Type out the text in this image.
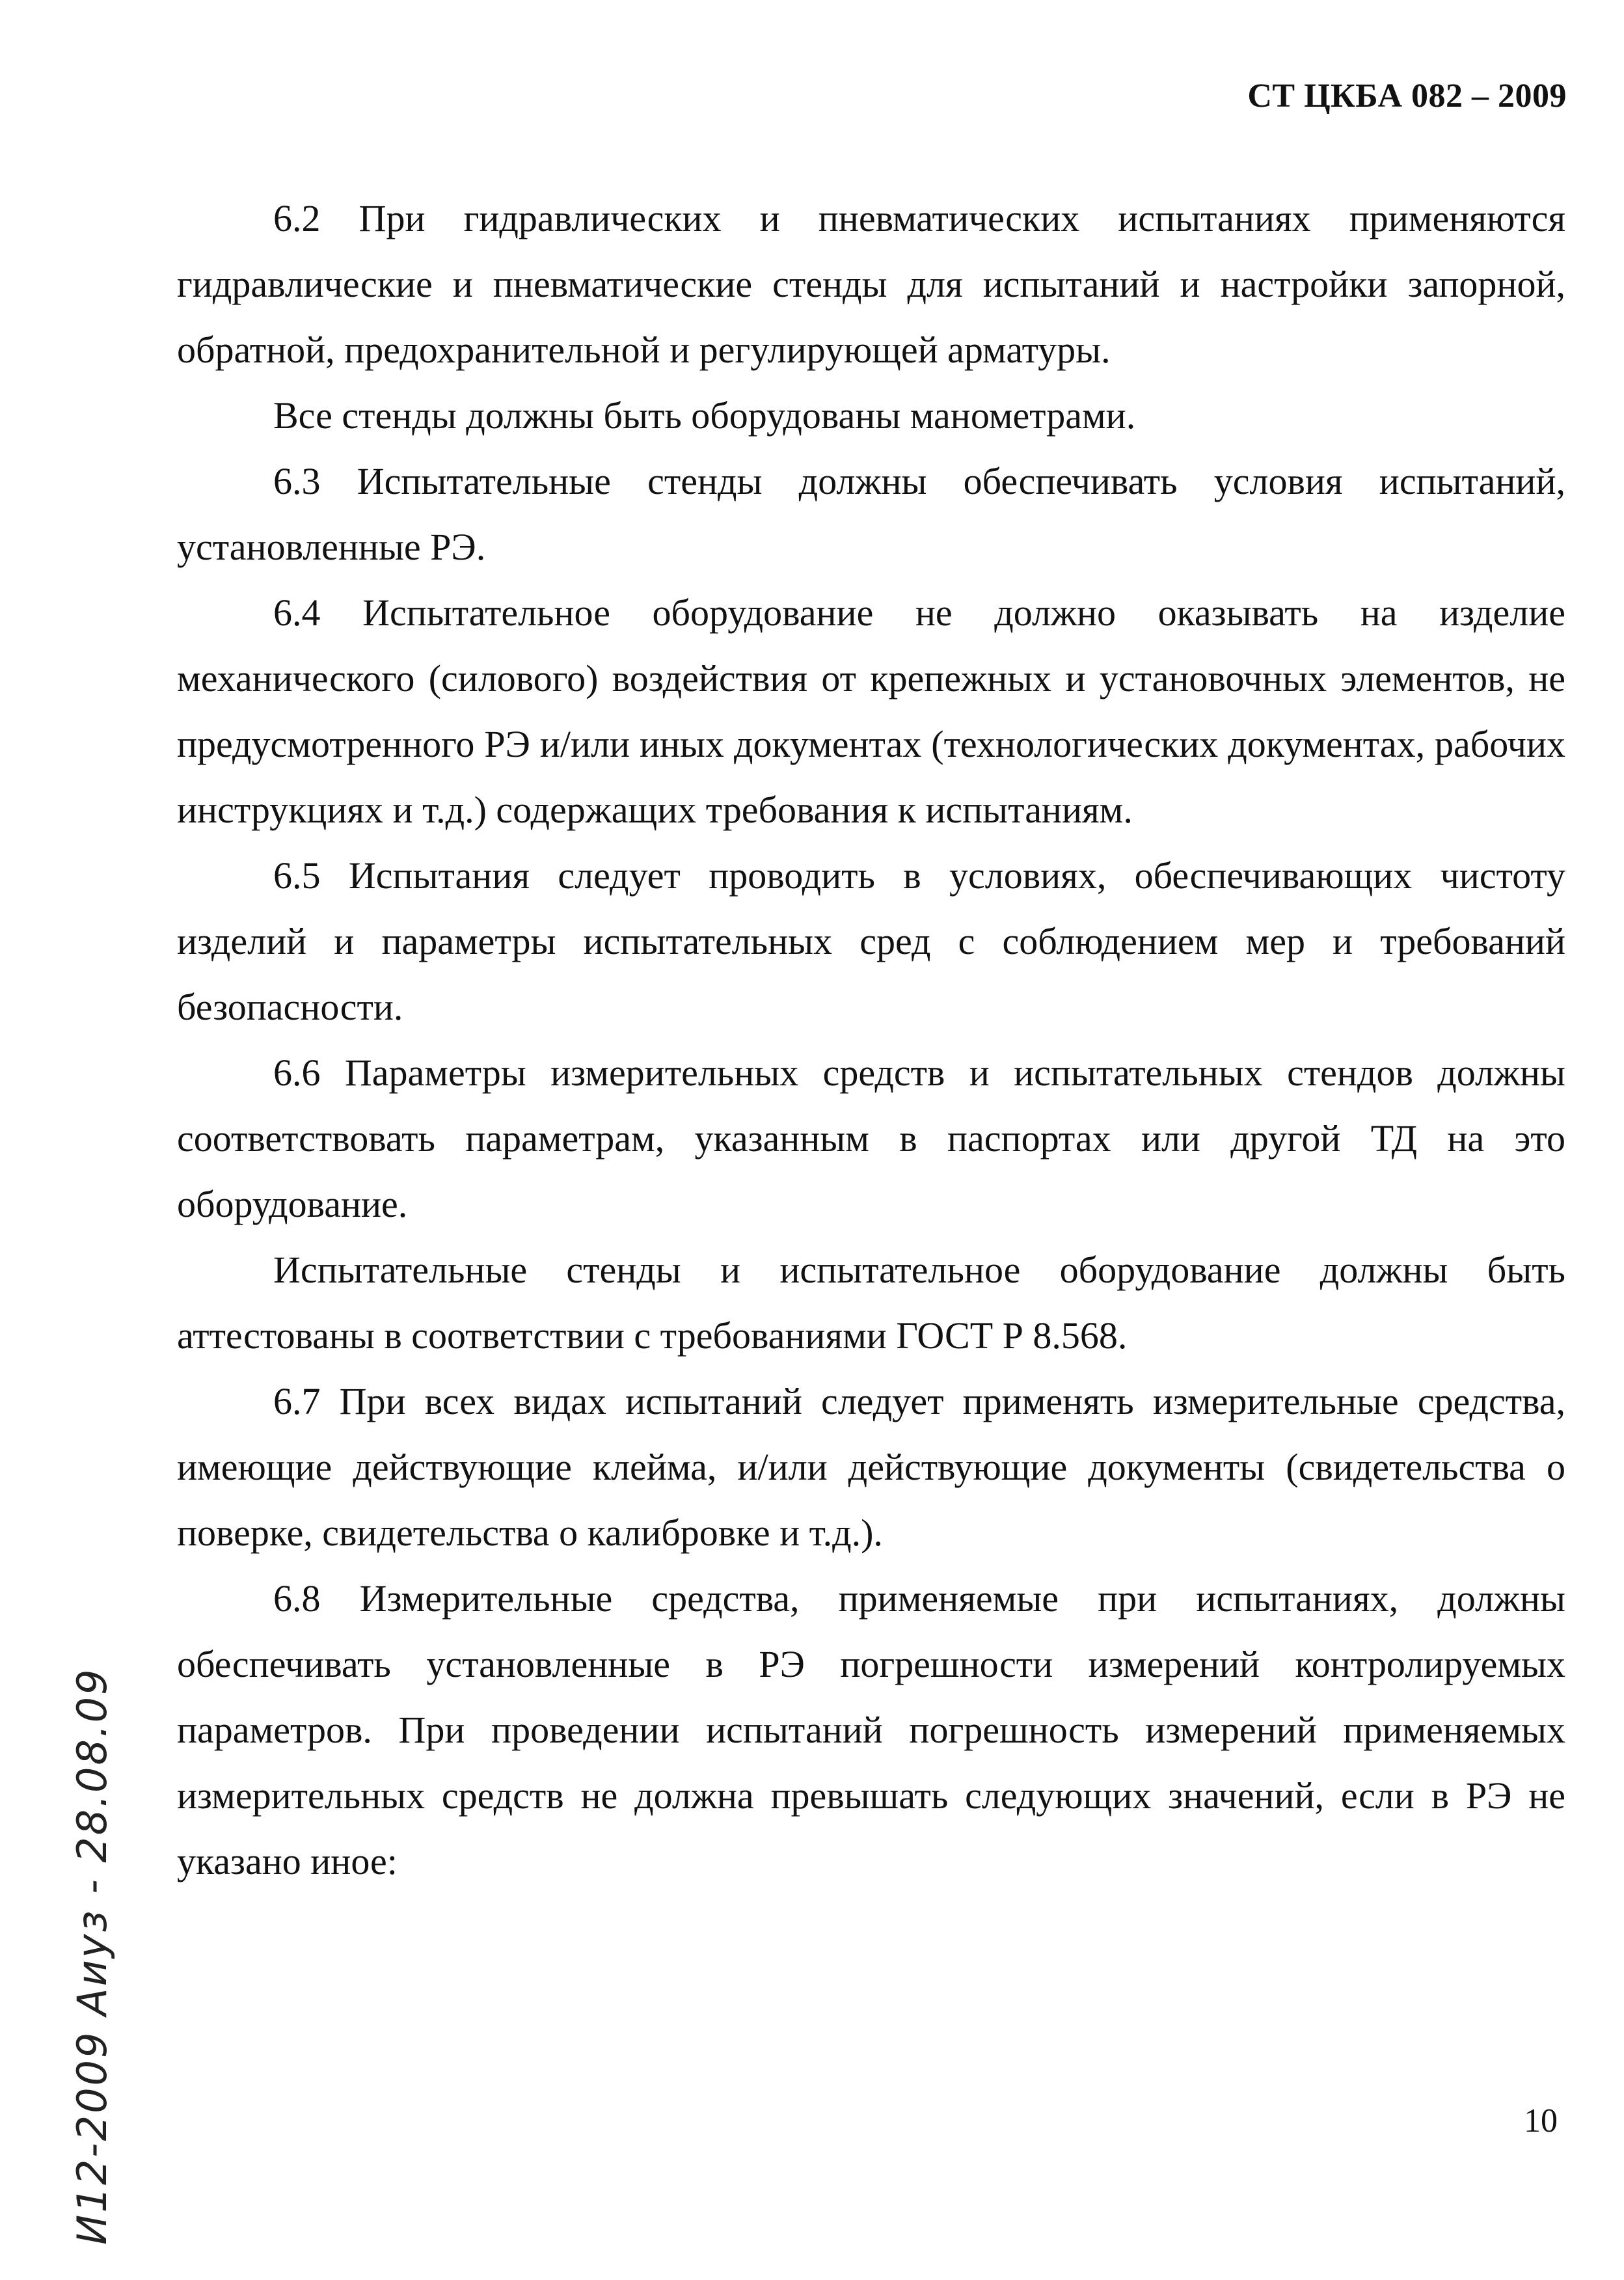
СТ ЦКБА 082 – 2009

6.2 При гидравлических и пневматических испытаниях применяются гидравлические и пневматические стенды для испытаний и настройки запорной, обратной, предохранительной и регулирующей арматуры.

Все стенды должны быть оборудованы манометрами.

6.3 Испытательные стенды должны обеспечивать условия испытаний, установленные РЭ.

6.4 Испытательное оборудование не должно оказывать на изделие механического (силового) воздействия от крепежных и установочных элементов, не предусмотренного РЭ и/или иных документах (технологических документах, рабочих инструкциях и т.д.) содержащих требования к испытаниям.

6.5 Испытания следует проводить в условиях, обеспечивающих чистоту изделий и параметры испытательных сред с соблюдением мер и требований безопасности.

6.6 Параметры измерительных средств и испытательных стендов должны соответствовать параметрам, указанным в паспортах или другой ТД на это оборудование.

Испытательные стенды и испытательное оборудование должны быть аттестованы в соответствии с требованиями ГОСТ Р 8.568.

6.7 При всех видах испытаний следует применять измерительные средства, имеющие действующие клейма, и/или действующие документы (свидетельства о поверке, свидетельства о калибровке и т.д.).

6.8 Измерительные средства, применяемые при испытаниях, должны обеспечивать установленные в РЭ погрешности измерений контролируемых параметров. При проведении испытаний погрешность измерений применяемых измерительных средств не должна превышать следующих значений, если в РЭ не указано иное:

И12-2009 Аиуз - 28.08.09	10
